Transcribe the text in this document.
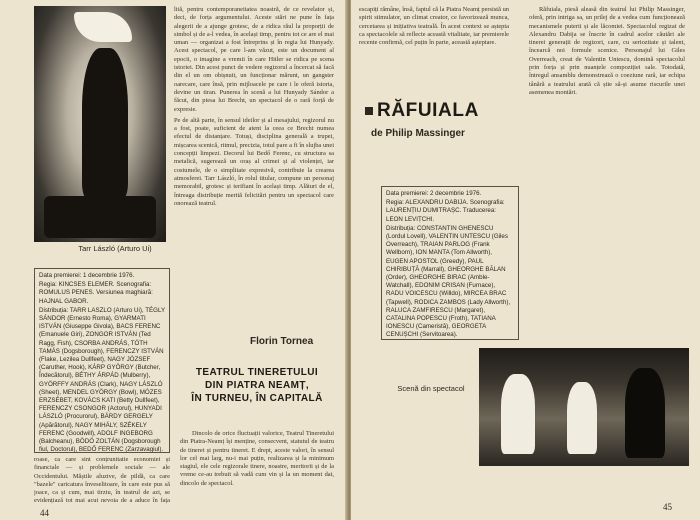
Tarr László (Arturo Ui)

lită, pentru contemporaneitatea noastră, de ce revelator și, deci, de forța argumentului. Aceste stări ne pune în fața alegerii de a ajunge grotesc, de a ridica răul la proporții de simbol și de a-l vedea, în același timp, pentru tot ce are el mai uman — organizat a fost întreprins și în regia lui Hunyady. Acest spectacol, pe care l-am văzut, este un document al epocii, o imagine a vremii în care Hitler se ridica pe scena istoriei. Din acest punct de vedere regizorul a încercat să facă din el un om obișnuit, un funcționar mărunt, un gangster oarecare, care însă, prin mijloacele pe care i le oferă istoria, devine un tiran. Punerea în scenă a lui Hunyady Sándor a făcut, din piesa lui Brecht, un spectacol de o rară forță de expresie.

Pe de altă parte, în sensul ideilor și al mesajului, regizorul nu a fost, poate, suficient de atent la ceea ce Brecht numea efectul de distanțare. Totuși, disciplina generală a trupei, mișcarea scenică, ritmul, precizia, totul pare a fi în slujba unei concepții limpezi. Decorul lui Bedő Ferenc, cu structura sa metalică, sugerează un oraș al crimei și al violenței, iar costumele, de o simplitate expresivă, contribuie la crearea atmosferei. Tarr László, în rolul titular, compune un personaj memorabil, grotesc și terifiant în același timp. Alături de el, întreaga distribuție merită felicitări pentru un spectacol care onorează teatrul.

Data premierei: 1 decembrie 1976.

Regia: KINCSES ELEMER. Scenografia: ROMULUS PENES. Versiunea maghiară: HAJNAL GABOR.

Distribuția: TARR LASZLO (Arturo Ui), TÉGLY SÁNDOR (Ernesto Roma), GYARMATI ISTVÁN (Giuseppe Givola), BACS FERENC (Emanuele Giri), ZONGOR ISTVÁN (Ted Ragg, Fish), CSORBA ANDRÁS, TÓTH TAMÁS (Dogsborough), FERENCZY ISTVÁN (Flake, Lezilea Dullfeet), NAGY JÓZSEF (Caruther, Hook), KÁRP GYÖRGY (Butcher, Îndecătorul), BÉTHY ÁRPÁD (Mulberry), GYÖRFFY ANDRÁS (Clark), NAGY LÁSZLÓ (Sheet), MENDEL GYÖRGY (Bowl), MÓZES ERZSÉBET, KOVÁCS KATI (Betty Dullfeet), FERENCZY CSONGOR (Actorul), HUNYADI LÁSZLÓ (Procurorul), BÁRDY GERGELY (Apărătorul), NAGY MIHÁLY, SZÉKELY FERENC (Goodwill), ADOLF INGEBORG (Balcheanu), BÖDÖ ZOLTÁN (Dogsborough fiul, Doctorul), BEDŐ FERENC (Zarzavagiul).

Florin Tornea
TEATRUL TINERETULUI
DIN PIATRA NEAMȚ,
ÎN TURNEU, ÎN CAPITALĂ

roase, ca care sint conțrunitatie economiei și financiale — și problemele sociale — ale Occidentului. Măștile aluzive, de pildă, ca care "bazele" caricatura înveselitoare, în care este pus să joace, ca și cum, mai tirziu, în teatrul de azi, se evidențiază tot mai acut nevoia de a aduce în fața

Dincolo de orice fluctuații valorice, Teatrul Tineretului din Piatra-Neamț își menține, consecvent, statutul de teatru de tineret și pentru tineret. E drept, aceste valori, în sensul lor cel mai larg, nu-i mai puțin, realizarea și la minimum stagiul, ele cele regizorale tinere, noastre, meritorii și de la vreme ce-au trebuit să vadă cum vin și la un moment dat, dincolo de spectacol.

44

escapiți rămâne, însă, faptul că la Piatra Neamț persistă un spirit stimulator, un climat creator, ce favorizează munca, cercetarea și inițiativa teatrală. În acest context se aștepta ca spectacolele să reflecte această vitalitate, iar premierele recente confirmă, cel puțin în parte, această așteptare.

RĂFUIALA
de Philip Massinger

Data premierei: 2 decembrie 1976.

Regia: ALEXANDRU DABIJA. Scenografia: LAURENȚIU DUMITRAȘC. Traducerea: LEON LEVIȚCHI.

Distribuția: CONSTANTIN GHENESCU (Lordul Lovell), VALENTIN UNTESCU (Giles Overreach), TRAIAN PARLOG (Frank Wellborn), ION MANTA (Tom Allworth), EUGEN APOSTOL (Greedy), PAUL CHIRIBUȚĂ (Marrall), GHEORGHE BĂLAN (Order), GHEORGHE BIRAC (Amble-Watchall), EDONIM CRISAN (Furnace), RADU VOICESCU (Willdo), MIRCEA BRAC (Tapwell), RODICA ZAMBOS (Lady Allworth), RALUCA ZAMFIRESCU (Margaret), CATALINA POPESCU (Froth), TATIANA IONESCU (Cameristă), GEORGETA CENUȘCHI (Servitoarea).

Răfuiala, piesă aleasă din teatrul lui Philip Massinger, oferă, prin intriga sa, un prilej de a vedea cum funcționează mecanismele puterii și ale lăcomiei. Spectacolul regizat de Alexandru Dabija se înscrie în cadrul acelor căutări ale tinerei generații de regizori, care, cu seriozitate și talent, încearcă noi formule scenice. Personajul lui Giles Overreach, creat de Valentin Untescu, domină spectacolul prin forța și prin nuanțele compoziției sale. Totodată, întregul ansamblu demonstrează o coeziune rară, iar echipa tânără a teatrului arată că știe să-și asume riscurile unei asemenea montări.

Scenă din spectacol
45
